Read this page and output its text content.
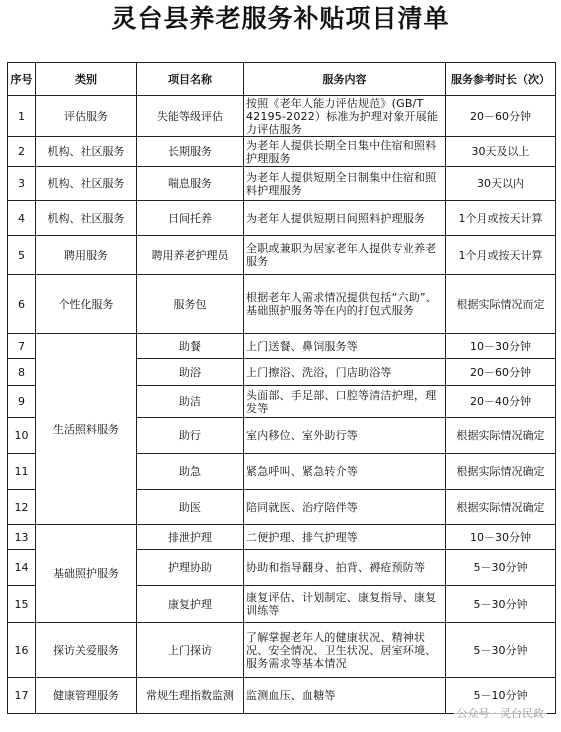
灵台县养老服务补贴项目清单
序号	类别	项目名称	服务内容	服务参考时长（次）
1	评估服务	失能等级评估	按照《老年人能力评估规范》(GB/T 42195-2022）标准为护理对象开展能力评估服务	20－60分钟
2	机构、社区服务	长期服务	为老年人提供长期全日集中住宿和照料护理服务	30天及以上
3	机构、社区服务	喘息服务	为老年人提供短期全日制集中住宿和照料护理服务	30天以内
4	机构、社区服务	日间托养	为老年人提供短期日间照料护理服务	1个月或按天计算
5	聘用服务	聘用养老护理员	全职或兼职为居家老年人提供专业养老服务	1个月或按天计算
6	个性化服务	服务包	根据老年人需求情况提供包括“六助”、基础照护服务等在内的打包式服务	根据实际情况而定
7	生活照料服务	助餐	上门送餐、鼻饲服务等	10－30分钟
8		助浴	上门擦浴、洗浴，门店助浴等	20－60分钟
9		助洁	头面部、手足部、口腔等清洁护理，理发等	20－40分钟
10		助行	室内移位、室外助行等	根据实际情况确定
11		助急	紧急呼叫、紧急转介等	根据实际情况确定
12		助医	陪同就医、治疗陪伴等	根据实际情况确定
13	基础照护服务	排泄护理	二便护理、排气护理等	10－30分钟
14		护理协助	协助和指导翻身、拍背、褥疮预防等	5－30分钟
15		康复护理	康复评估、计划制定、康复指导、康复训练等	5－30分钟
16	探访关爱服务	上门探访	了解掌握老年人的健康状况、精神状况、安全情况、卫生状况、居室环境、服务需求等基本情况	5－30分钟
17	健康管理服务	常规生理指数监测	监测血压、血糖等	5－10分钟
公众号 · 灵台民政
